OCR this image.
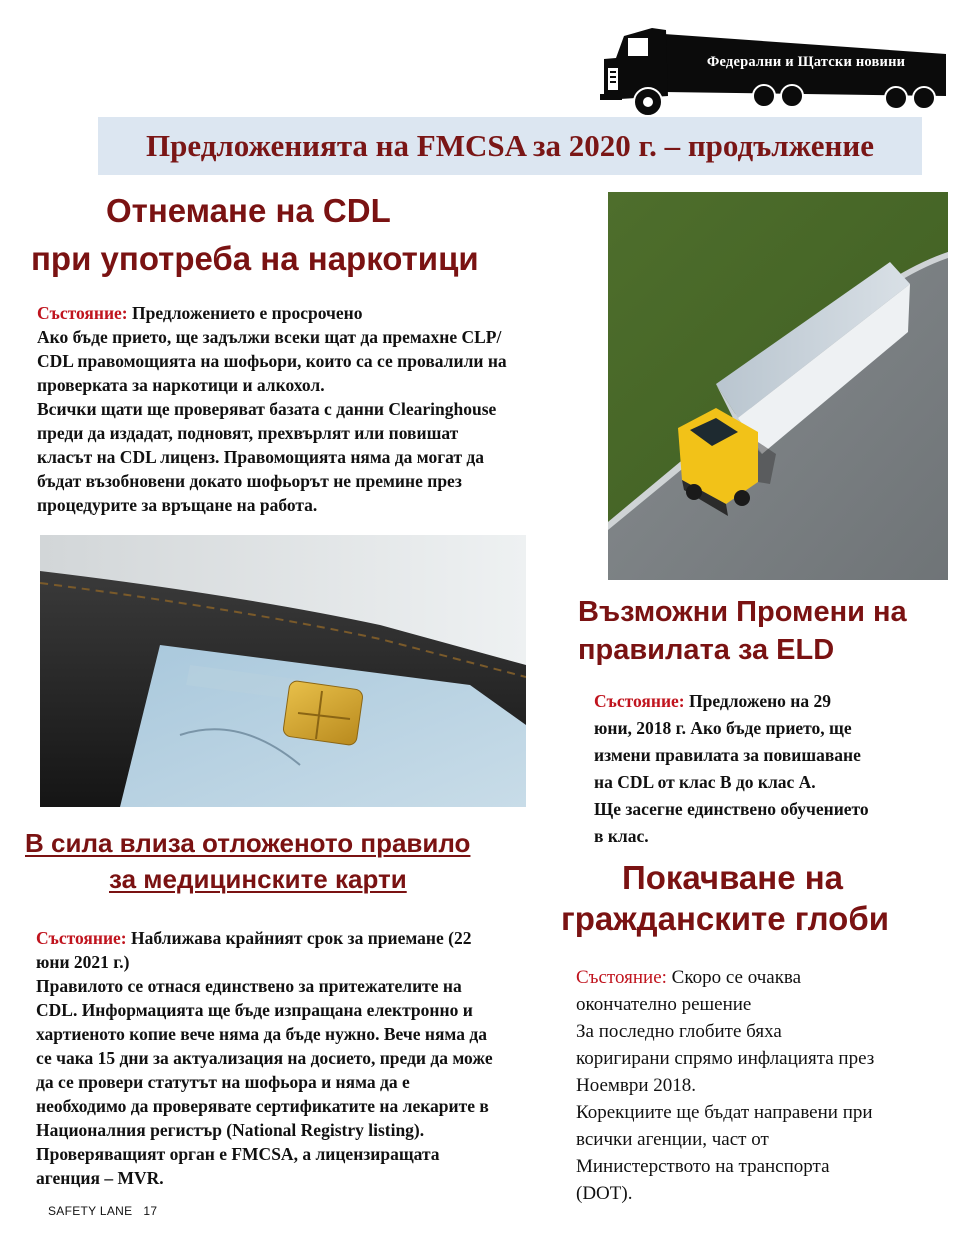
Федерални и Щатски новини
Предложенията на FMCSA за 2020 г. – продължение
Отнемане на CDL
при употреба на наркотици

Състояние: Предложението е просрочено

Ако бъде прието, ще задължи всеки щат да премахне CLP/

CDL правомощията на шофьори, които са се провалили на

проверката за наркотици и алкохол.

Всички щати ще проверяват базата с данни Clearinghouse

преди да издадат, подновят, прехвърлят или повишат

класът на CDL лиценз. Правомощията няма да могат да

бъдат възобновени докато шофьорът не премине през

процедурите за връщане на работа.

Възможни Промени на
правилата за ELD

Състояние: Предложено на 29

юни, 2018 г. Ако бъде прието, ще

измени правилата за повишаване

на CDL от клас B до клас A.

Ще засегне единствено обучението

в клас.

В сила влиза отложеното правило
за медицинските карти	Покачване на
гражданските глоби

Състояние: Наближава крайният срок за приемане (22

юни 2021 г.)

Правилото се отнася единствено за притежателите на

CDL. Информацията ще бъде изпращана електронно и

хартиеното копие вече няма да бъде нужно. Вече няма да

се чака 15 дни за актуализация на досието, преди да може

да се провери статутът на шофьора и няма да е

необходимо да проверявате сертификатите на лекарите в

Националния регистър (National Registry listing).

Проверяващият орган е FMCSA, а лицензиращата

агенция – MVR.

Състояние: Скоро се очаква

окончателно решение

За последно глобите бяха

коригирани спрямо инфлацията през

Ноември 2018.

Корекциите ще бъдат направени при

всички агенции, част от

Министерството на транспорта

(DOT).

SAFETY LANE 17
